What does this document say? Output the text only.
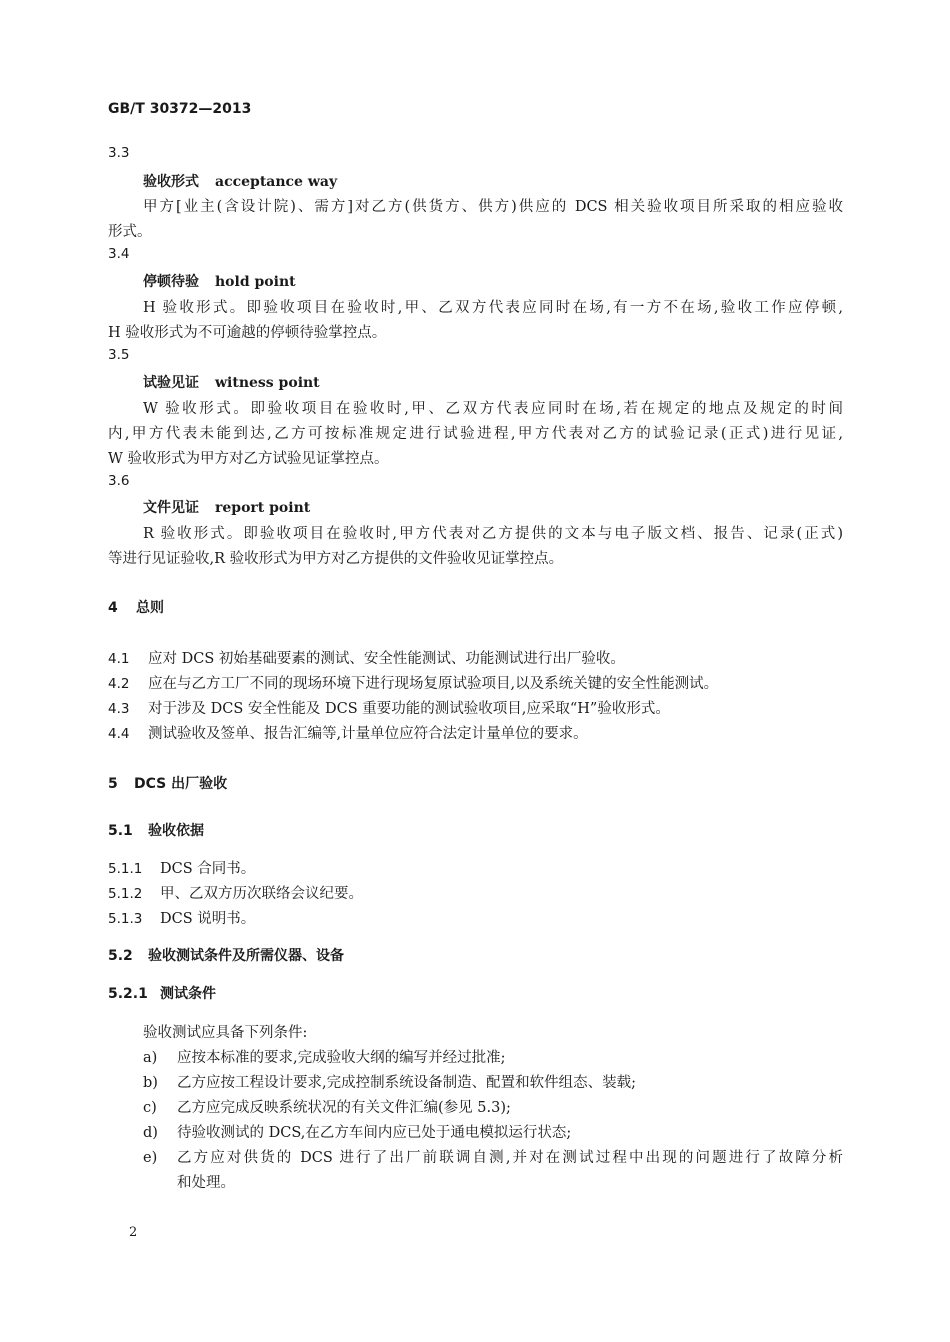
GB/T 30372—2013
3.3
验收形式 acceptance way
甲方[业主(含设计院)、需方]对乙方(供货方、供方)供应的 DCS 相关验收项目所采取的相应验收
形式。
3.4
停顿待验 hold point
H 验收形式。即验收项目在验收时,甲、乙双方代表应同时在场,有一方不在场,验收工作应停顿,
H 验收形式为不可逾越的停顿待验掌控点。
3.5
试验见证 witness point
W 验收形式。即验收项目在验收时,甲、乙双方代表应同时在场,若在规定的地点及规定的时间
内,甲方代表未能到达,乙方可按标准规定进行试验进程,甲方代表对乙方的试验记录(正式)进行见证,
W 验收形式为甲方对乙方试验见证掌控点。
3.6
文件见证 report point
R 验收形式。即验收项目在验收时,甲方代表对乙方提供的文本与电子版文档、报告、记录(正式)
等进行见证验收,R 验收形式为甲方对乙方提供的文件验收见证掌控点。
4 总则
4.1 应对 DCS 初始基础要素的测试、安全性能测试、功能测试进行出厂验收。
4.2 应在与乙方工厂不同的现场环境下进行现场复原试验项目,以及系统关键的安全性能测试。
4.3 对于涉及 DCS 安全性能及 DCS 重要功能的测试验收项目,应采取“H”验收形式。
4.4 测试验收及签单、报告汇编等,计量单位应符合法定计量单位的要求。
5 DCS 出厂验收
5.1 验收依据
5.1.1 DCS 合同书。
5.1.2 甲、乙双方历次联络会议纪要。
5.1.3 DCS 说明书。
5.2 验收测试条件及所需仪器、设备
5.2.1 测试条件
验收测试应具备下列条件:
a) 应按本标准的要求,完成验收大纲的编写并经过批准;
b) 乙方应按工程设计要求,完成控制系统设备制造、配置和软件组态、装载;
c) 乙方应完成反映系统状况的有关文件汇编(参见 5.3);
d) 待验收测试的 DCS,在乙方车间内应已处于通电模拟运行状态;
e) 乙方应对供货的 DCS 进行了出厂前联调自测,并对在测试过程中出现的问题进行了故障分析
和处理。
2
